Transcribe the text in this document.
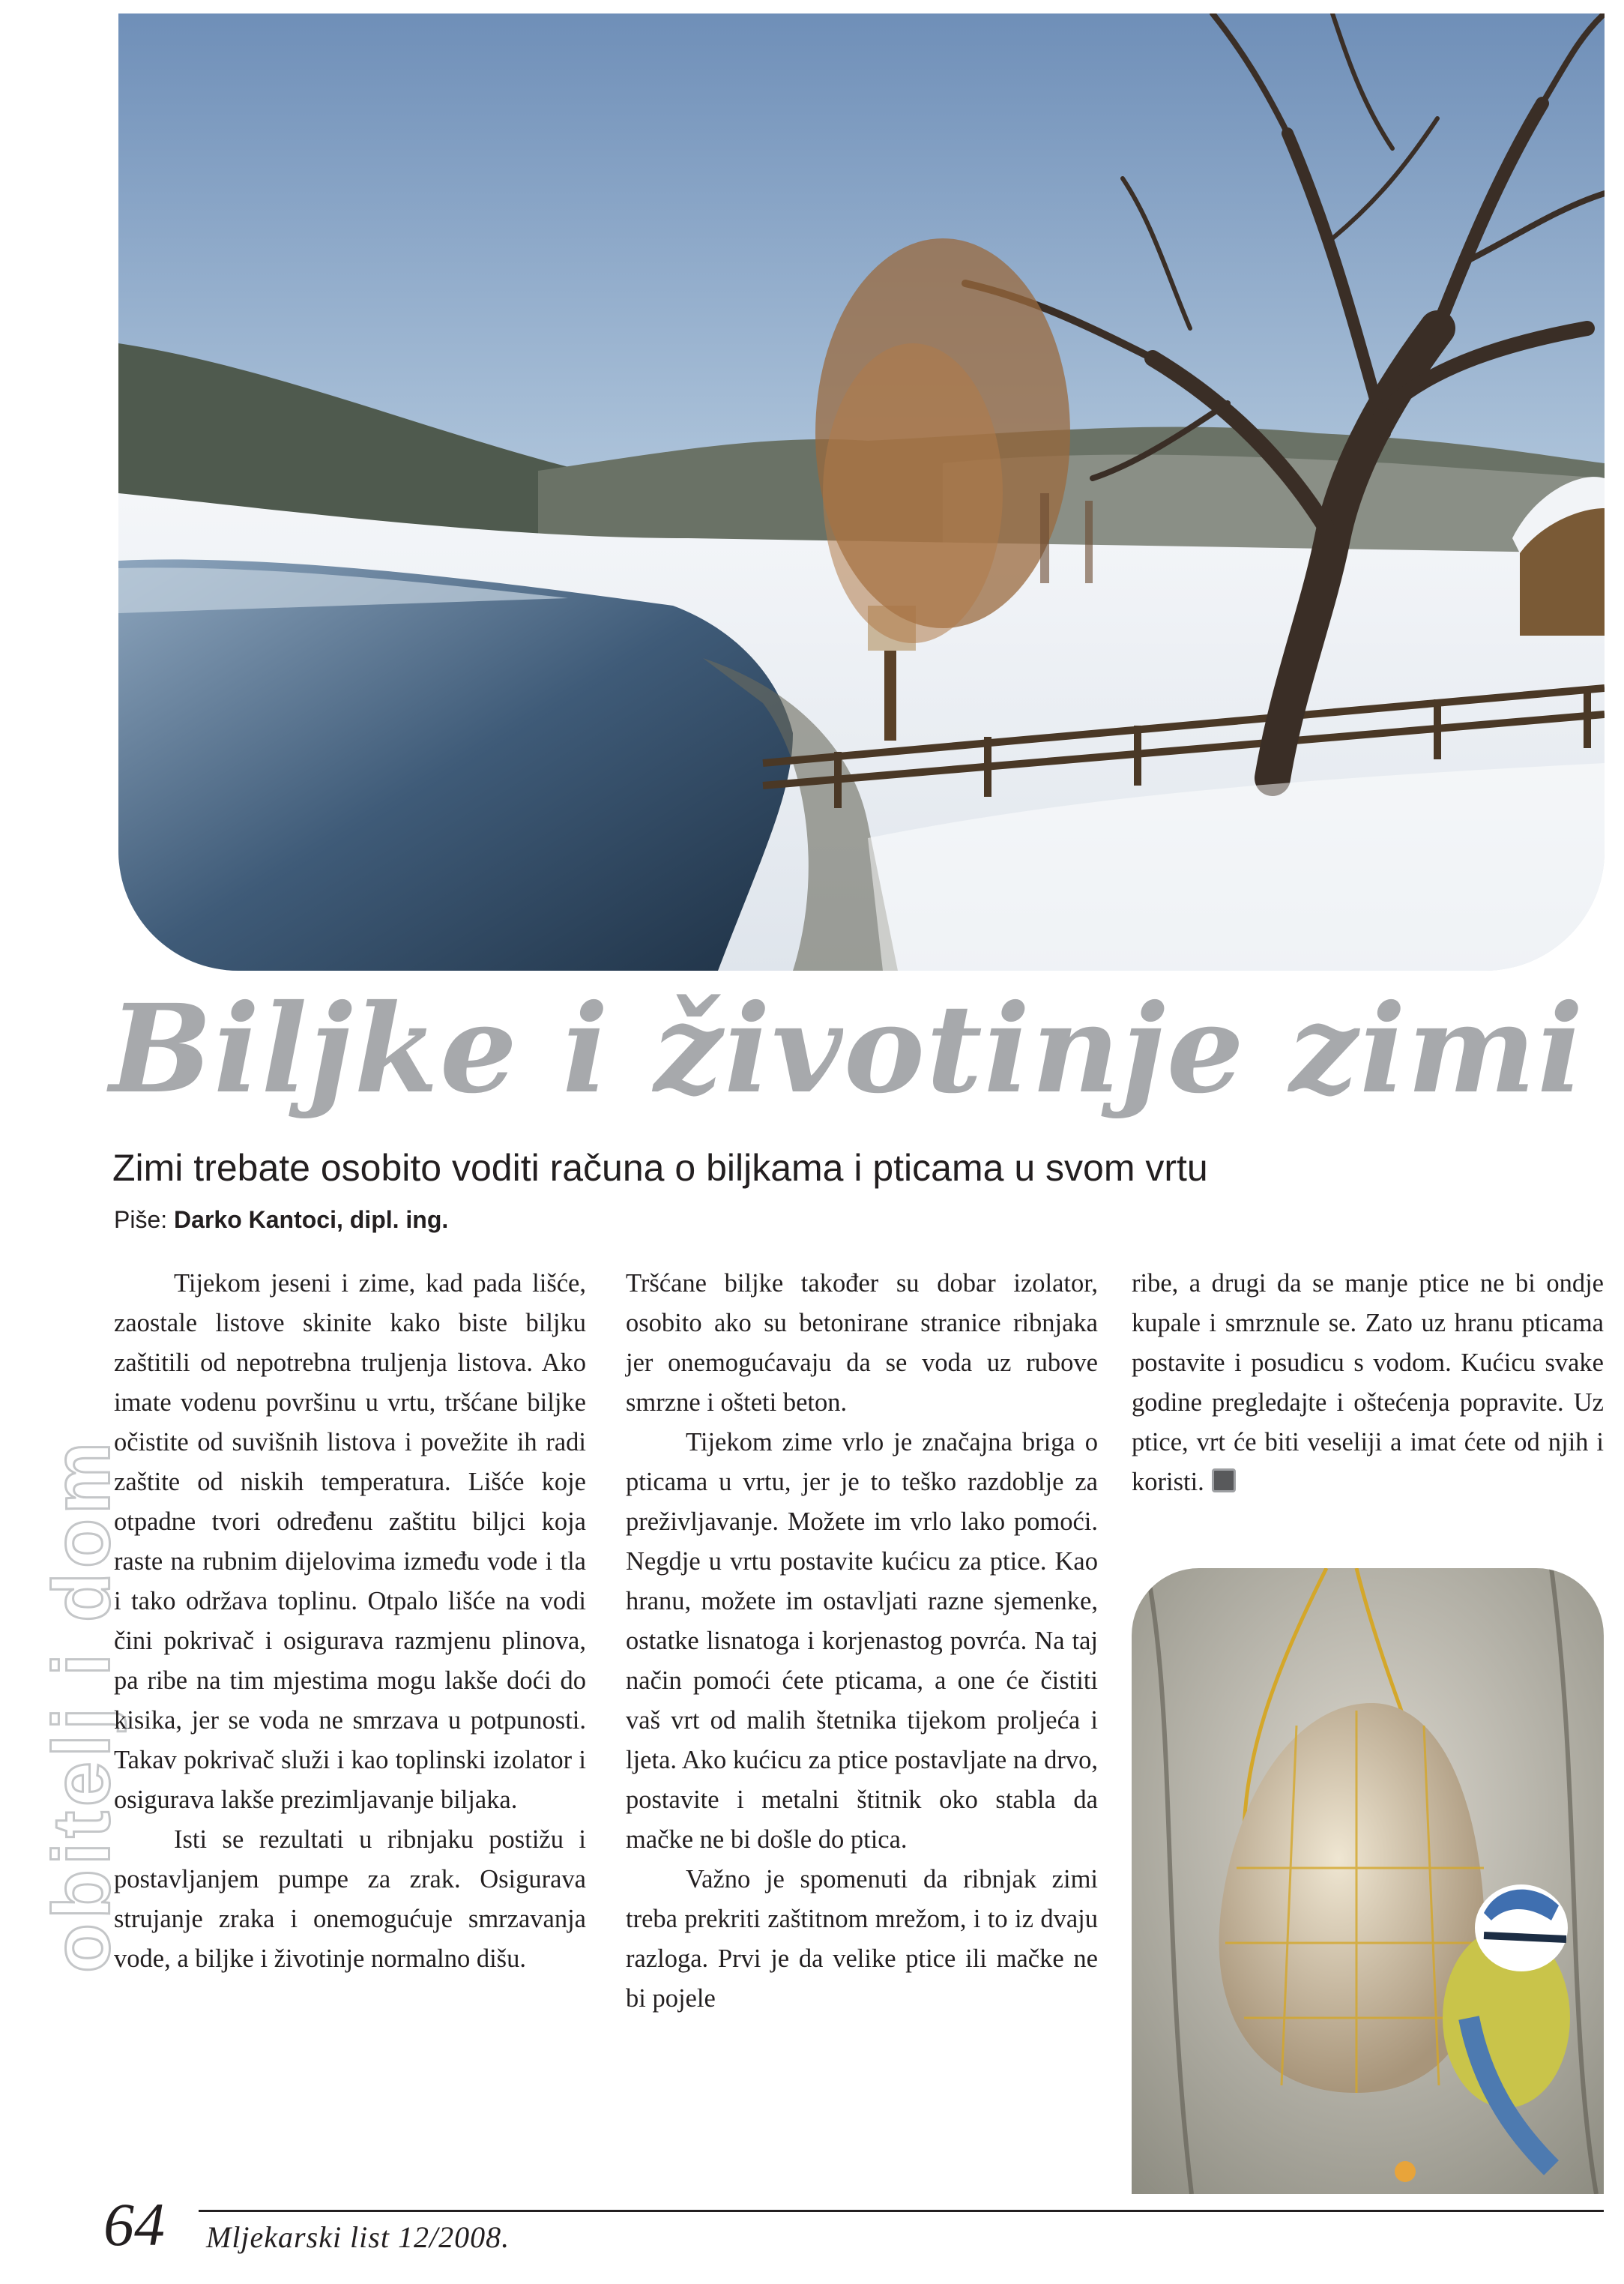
Biljke i životinje zimi
Zimi trebate osobito voditi računa o biljkama i pticama u svom vrtu
Piše: Darko Kantoci, dipl. ing.
obitelj i dom

Tijekom jeseni i zime, kad pada lišće, zaostale listove skinite kako biste biljku zaštitili od nepotrebna truljenja listova. Ako imate vodenu površinu u vrtu, tršćane biljke očistite od suvišnih listova i povežite ih radi zaštite od niskih temperatura. Lišće koje otpadne tvori određenu zaštitu biljci koja raste na rubnim dijelovima između vode i tla i tako održava toplinu. Otpalo lišće na vodi čini pokrivač i osigurava razmjenu plinova, pa ribe na tim mjestima mogu lakše doći do kisika, jer se voda ne smrzava u potpunosti. Takav pokrivač služi i kao toplinski izolator i osigurava lakše prezimljavanje biljaka.

Isti se rezultati u ribnjaku postižu i postavljanjem pumpe za zrak. Osigurava strujanje zraka i onemogućuje smrzavanja vode, a biljke i životinje normalno dišu.

Tršćane biljke također su dobar izolator, osobito ako su betonirane stranice ribnjaka jer onemogućavaju da se voda uz rubove smrzne i ošteti beton.

Tijekom zime vrlo je značajna briga o pticama u vrtu, jer je to teško razdoblje za preživljavanje. Možete im vrlo lako pomoći. Negdje u vrtu postavite kućicu za ptice. Kao hranu, možete im ostavljati razne sjemenke, ostatke lisnatoga i korjenastog povrća. Na taj način pomoći ćete pticama, a one će čistiti vaš vrt od malih štetnika tijekom proljeća i ljeta. Ako kućicu za ptice postavljate na drvo, postavite i metalni štitnik oko stabla da mačke ne bi došle do ptica.

Važno je spomenuti da ribnjak zimi treba prekriti zaštitnom mrežom, i to iz dvaju razloga. Prvi je da velike ptice ili mačke ne bi pojele

ribe, a drugi da se manje ptice ne bi ondje kupale i smrznule se. Zato uz hranu pticama postavite i posudicu s vodom. Kućicu svake godine pregledajte i oštećenja popravite. Uz ptice, vrt će biti veseliji a imat ćete od njih i koristi.

64 Mljekarski list 12/2008.
